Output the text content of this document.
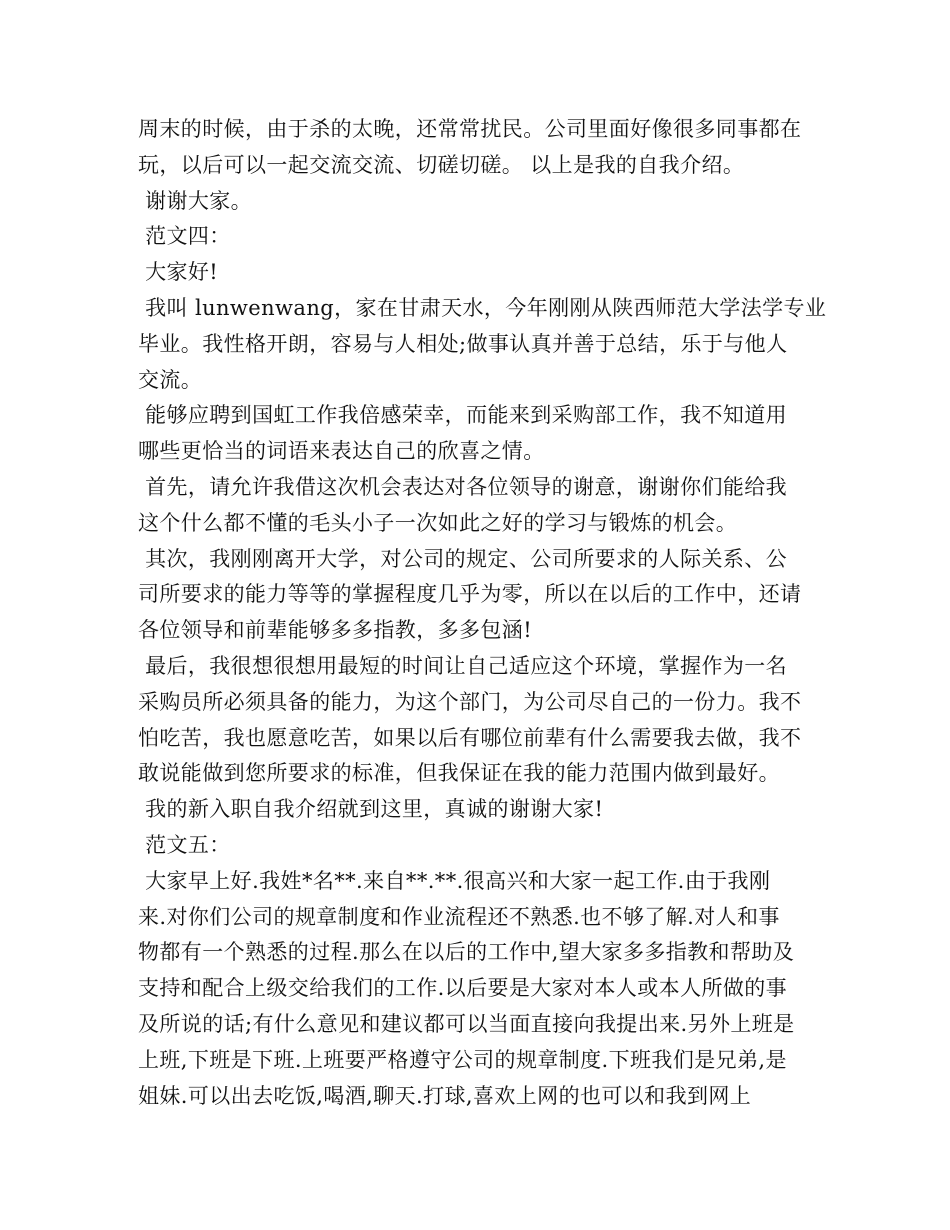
周末的时候，由于杀的太晚，还常常扰民。公司里面好像很多同事都在
玩，以后可以一起交流交流、切磋切磋。 以上是我的自我介绍。
谢谢大家。
范文四：
大家好!
我叫 lunwenwang，家在甘肃天水，今年刚刚从陕西师范大学法学专业
毕业。我性格开朗，容易与人相处;做事认真并善于总结，乐于与他人
交流。
能够应聘到国虹工作我倍感荣幸，而能来到采购部工作，我不知道用
哪些更恰当的词语来表达自己的欣喜之情。
首先，请允许我借这次机会表达对各位领导的谢意，谢谢你们能给我
这个什么都不懂的毛头小子一次如此之好的学习与锻炼的机会。
其次，我刚刚离开大学，对公司的规定、公司所要求的人际关系、公
司所要求的能力等等的掌握程度几乎为零，所以在以后的工作中，还请
各位领导和前辈能够多多指教，多多包涵!
最后，我很想很想用最短的时间让自己适应这个环境，掌握作为一名
采购员所必须具备的能力，为这个部门，为公司尽自己的一份力。我不
怕吃苦，我也愿意吃苦，如果以后有哪位前辈有什么需要我去做，我不
敢说能做到您所要求的标准，但我保证在我的能力范围内做到最好。
我的新入职自我介绍就到这里，真诚的谢谢大家!
范文五：
大家早上好.我姓*名**.来自**.**.很高兴和大家一起工作.由于我刚
来.对你们公司的规章制度和作业流程还不熟悉.也不够了解.对人和事
物都有一个熟悉的过程.那么在以后的工作中,望大家多多指教和帮助及
支持和配合上级交给我们的工作.以后要是大家对本人或本人所做的事
及所说的话;有什么意见和建议都可以当面直接向我提出来.另外上班是
上班,下班是下班.上班要严格遵守公司的规章制度.下班我们是兄弟,是
姐妹.可以出去吃饭,喝酒,聊天.打球,喜欢上网的也可以和我到网上
